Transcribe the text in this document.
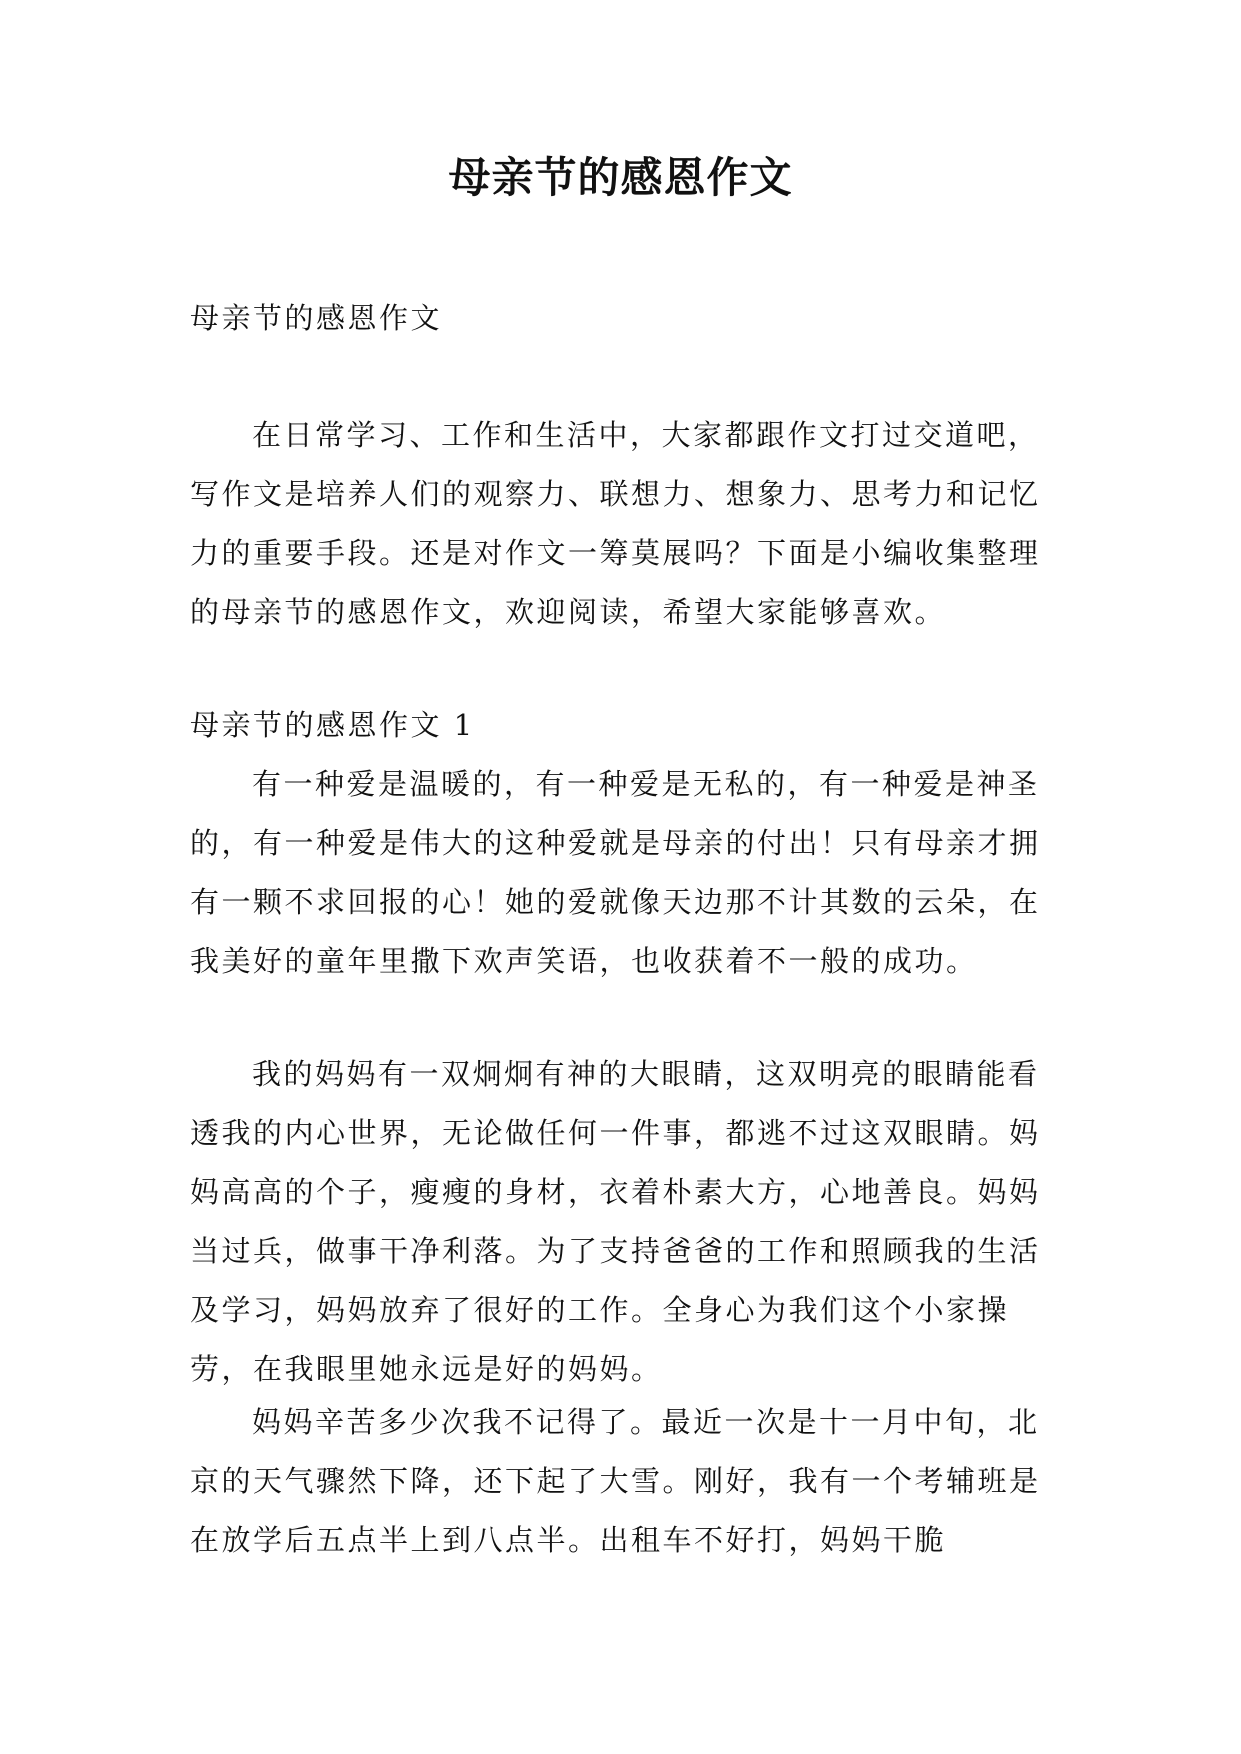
母亲节的感恩作文

母亲节的感恩作文

在日常学习、工作和生活中，大家都跟作文打过交道吧，写作文是培养人们的观察力、联想力、想象力、思考力和记忆力的重要手段。还是对作文一筹莫展吗？下面是小编收集整理的母亲节的感恩作文，欢迎阅读，希望大家能够喜欢。

母亲节的感恩作文 1

有一种爱是温暖的，有一种爱是无私的，有一种爱是神圣的，有一种爱是伟大的这种爱就是母亲的付出！只有母亲才拥有一颗不求回报的心！她的爱就像天边那不计其数的云朵，在我美好的童年里撒下欢声笑语，也收获着不一般的成功。

我的妈妈有一双炯炯有神的大眼睛，这双明亮的眼睛能看透我的内心世界，无论做任何一件事，都逃不过这双眼睛。妈妈高高的个子，瘦瘦的身材，衣着朴素大方，心地善良。妈妈当过兵，做事干净利落。为了支持爸爸的工作和照顾我的生活及学习，妈妈放弃了很好的工作。全身心为我们这个小家操劳，在我眼里她永远是好的妈妈。

妈妈辛苦多少次我不记得了。最近一次是十一月中旬，北京的天气骤然下降，还下起了大雪。刚好，我有一个考辅班是在放学后五点半上到八点半。出租车不好打，妈妈干脆
